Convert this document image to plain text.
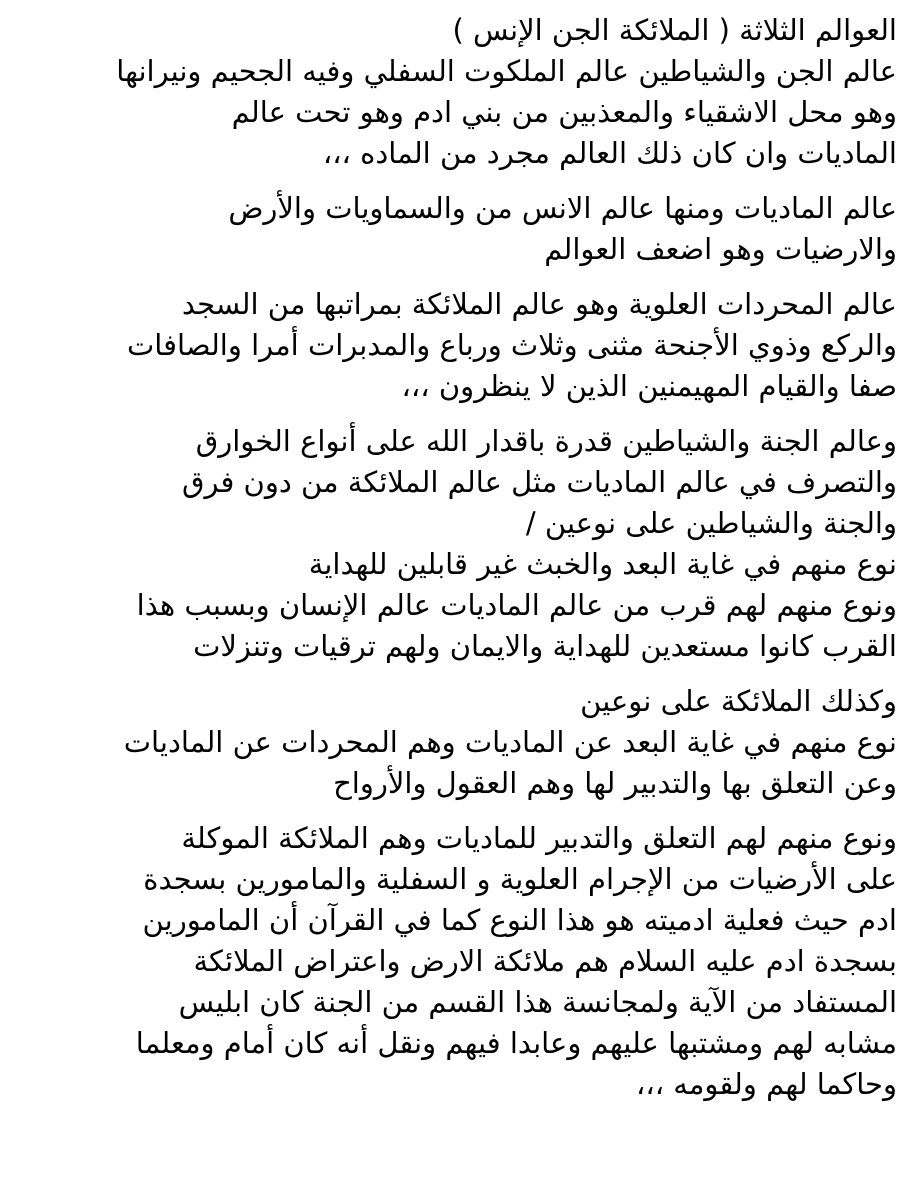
العوالم الثلاثة ( الملائكة الجن الإنس )
عالم الجن والشياطين عالم الملكوت السفلي وفيه الجحيم ونيرانها
وهو محل الاشقياء والمعذبين من بني ادم وهو تحت عالم
الماديات وان كان ذلك العالم مجرد من الماده ،،،
عالم الماديات ومنها عالم الانس من والسماويات والأرض
والارضيات وهو اضعف العوالم
عالم المحردات العلوية وهو عالم الملائكة بمراتبها من السجد
والركع وذوي الأجنحة مثنى وثلاث ورباع والمدبرات أمرا والصافات
صفا والقيام المهيمنين الذين لا ينظرون ،،،
وعالم الجنة والشياطين قدرة باقدار الله على أنواع الخوارق
والتصرف في عالم الماديات مثل عالم الملائكة من دون فرق
والجنة والشياطين على نوعين /
نوع منهم في غاية البعد والخبث غير قابلين للهداية
ونوع منهم لهم قرب من عالم الماديات عالم الإنسان وبسبب هذا
القرب كانوا مستعدين للهداية والايمان ولهم ترقيات وتنزلات
وكذلك الملائكة على نوعين
نوع منهم في غاية البعد عن الماديات وهم المحردات عن الماديات
وعن التعلق بها والتدبير لها وهم العقول والأرواح
ونوع منهم لهم التعلق والتدبير للماديات وهم الملائكة الموكلة
على الأرضيات من الإجرام العلوية و السفلية والمامورين بسجدة
ادم حيث فعلية ادميته هو هذا النوع كما في القرآن أن المامورين
بسجدة ادم عليه السلام هم ملائكة الارض واعتراض الملائكة
المستفاد من الآية ولمجانسة هذا القسم من الجنة كان ابليس
مشابه لهم ومشتبها عليهم وعابدا فيهم ونقل أنه كان أمام ومعلما
وحاكما لهم ولقومه ،،،
